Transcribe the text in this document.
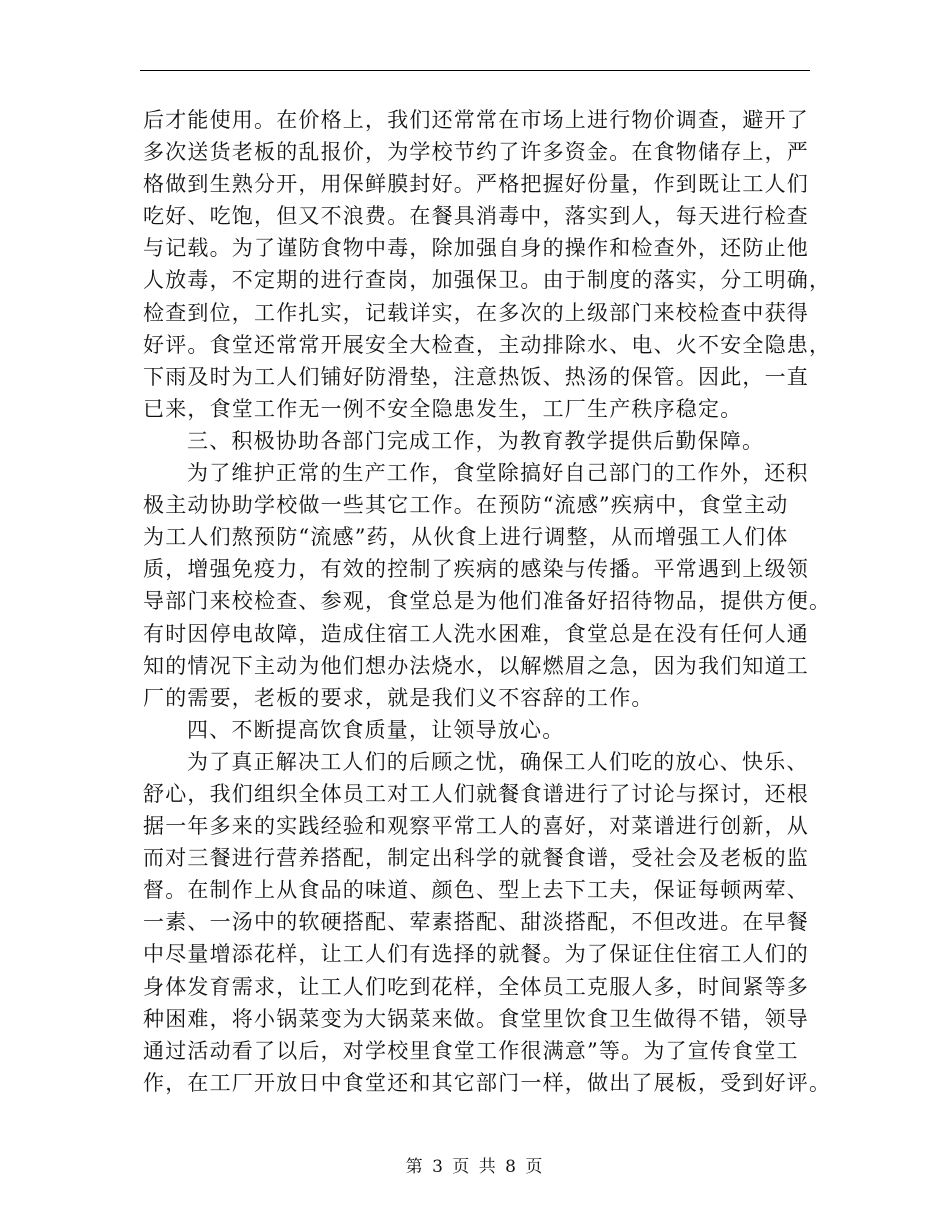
后才能使用。在价格上，我们还常常在市场上进行物价调查，避开了
多次送货老板的乱报价，为学校节约了许多资金。在食物储存上，严
格做到生熟分开，用保鲜膜封好。严格把握好份量，作到既让工人们
吃好、吃饱，但又不浪费。在餐具消毒中，落实到人，每天进行检查
与记载。为了谨防食物中毒，除加强自身的操作和检查外，还防止他
人放毒，不定期的进行查岗，加强保卫。由于制度的落实，分工明确，
检查到位，工作扎实，记载详实，在多次的上级部门来校检查中获得
好评。食堂还常常开展安全大检查，主动排除水、电、火不安全隐患，
下雨及时为工人们铺好防滑垫，注意热饭、热汤的保管。因此，一直
已来，食堂工作无一例不安全隐患发生，工厂生产秩序稳定。
三、积极协助各部门完成工作，为教育教学提供后勤保障。
为了维护正常的生产工作，食堂除搞好自己部门的工作外，还积
极主动协助学校做一些其它工作。在预防“流感”疾病中，食堂主动
为工人们熬预防“流感”药，从伙食上进行调整，从而增强工人们体
质，增强免疫力，有效的控制了疾病的感染与传播。平常遇到上级领
导部门来校检查、参观，食堂总是为他们准备好招待物品，提供方便。
有时因停电故障，造成住宿工人洗水困难，食堂总是在没有任何人通
知的情况下主动为他们想办法烧水，以解燃眉之急，因为我们知道工
厂的需要，老板的要求，就是我们义不容辞的工作。
四、不断提高饮食质量，让领导放心。
为了真正解决工人们的后顾之忧，确保工人们吃的放心、快乐、
舒心，我们组织全体员工对工人们就餐食谱进行了讨论与探讨，还根
据一年多来的实践经验和观察平常工人的喜好，对菜谱进行创新，从
而对三餐进行营养搭配，制定出科学的就餐食谱，受社会及老板的监
督。在制作上从食品的味道、颜色、型上去下工夫，保证每顿两荤、
一素、一汤中的软硬搭配、荤素搭配、甜淡搭配，不但改进。在早餐
中尽量增添花样，让工人们有选择的就餐。为了保证住住宿工人们的
身体发育需求，让工人们吃到花样，全体员工克服人多，时间紧等多
种困难，将小锅菜变为大锅菜来做。食堂里饮食卫生做得不错，领导
通过活动看了以后，对学校里食堂工作很满意”等。为了宣传食堂工
作，在工厂开放日中食堂还和其它部门一样，做出了展板，受到好评。
第 3 页 共 8 页
